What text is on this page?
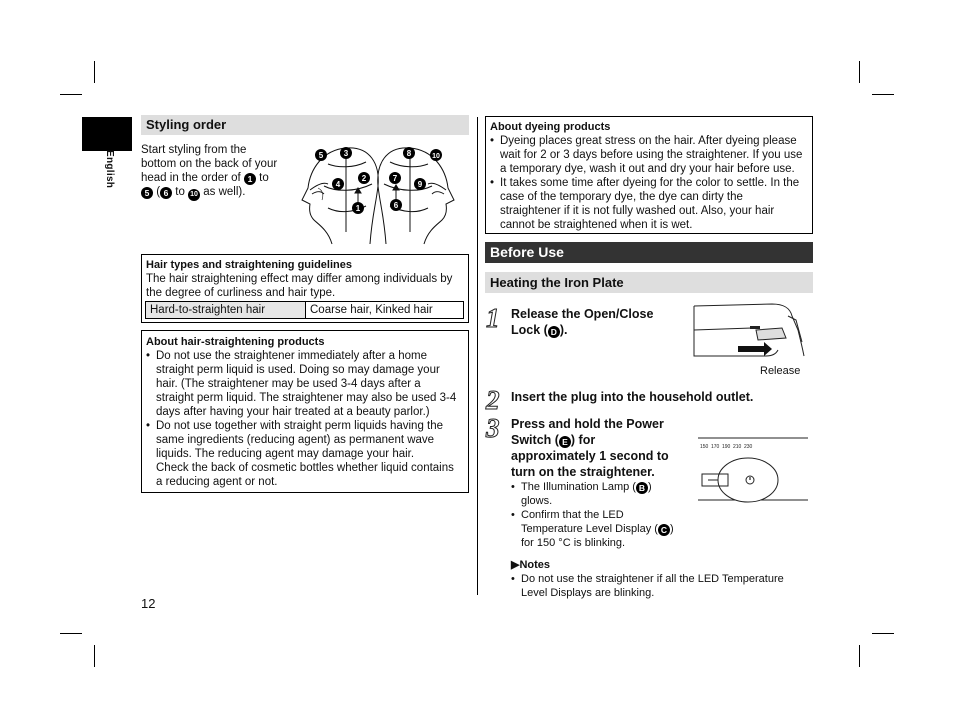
English
Styling order
Start styling from the
bottom on the back of your
head in the order of 1 to
5 ( 6 to 10 as well).
5	3
2
4
1
8	10
7
9
6
Hair types and straightening guidelines
The hair straightening effect may differ among individuals by
the degree of curliness and hair type.
Hard-to-straighten hair	Coarse hair, Kinked hair
About hair-straightening products
• Do not use the straightener immediately after a home
straight perm liquid is used. Doing so may damage your
hair. (The straightener may be used 3-4 days after a
straight perm liquid. The straightener may also be used 3-4
days after having your hair treated at a beauty parlor.)
• Do not use together with straight perm liquids having the
same ingredients (reducing agent) as permanent wave
liquids. The reducing agent may damage your hair.
Check the back of cosmetic bottles whether liquid contains
a reducing agent or not.
12
About dyeing products
• Dyeing places great stress on the hair. After dyeing please
wait for 2 or 3 days before using the straightener. If you use
a temporary dye, wash it out and dry your hair before use.
• It takes some time after dyeing for the color to settle. In the
case of the temporary dye, the dye can dirty the
straightener if it is not fully washed out. Also, your hair
cannot be straightened when it is wet.
Before Use
Heating the Iron Plate
1 Release the Open/Close
Lock ( D ).
Release
2 Insert the plug into the household outlet.
3 Press and hold the Power
Switch ( E ) for
approximately 1 second to
turn on the straightener.
• The Illumination Lamp ( B )
glows.
• Confirm that the LED
Temperature Level Display ( C )
for 150 °C is blinking.
150 170 190 210 230
▶Notes
• Do not use the straightener if all the LED Temperature
Level Displays are blinking.
